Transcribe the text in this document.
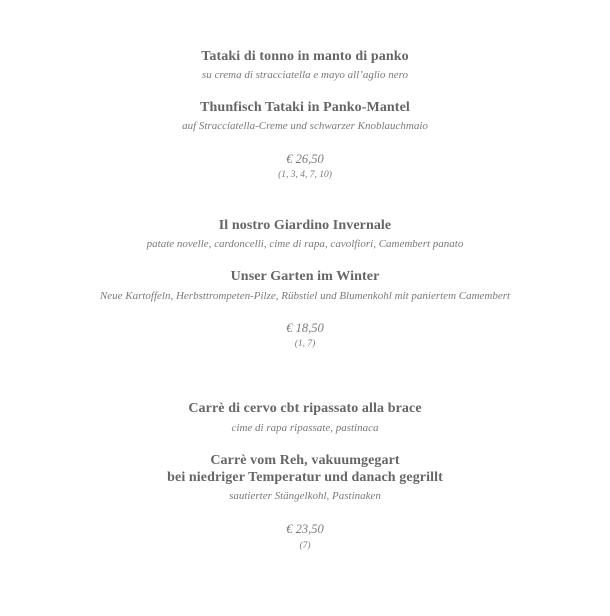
Tataki di tonno in manto di panko
su crema di stracciatella e mayo all’aglio nero
Thunfisch Tataki in Panko-Mantel
auf Stracciatella-Creme und schwarzer Knoblauchmaio
€ 26,50
(1, 3, 4, 7, 10)
Il nostro Giardino Invernale
patate novelle, cardoncelli, cime di rapa, cavolfiori, Camembert panato
Unser Garten im Winter
Neue Kartoffeln, Herbsttrompeten-Pilze, Rübstiel und Blumenkohl mit paniertem Camembert
€ 18,50
(1, 7)
Carrè di cervo cbt ripassato alla brace
cime di rapa ripassate, pastinaca
Carrè vom Reh, vakuumgegart
bei niedriger Temperatur und danach gegrillt
sautierter Stängelkohl, Pastinaken
€ 23,50
(7)
